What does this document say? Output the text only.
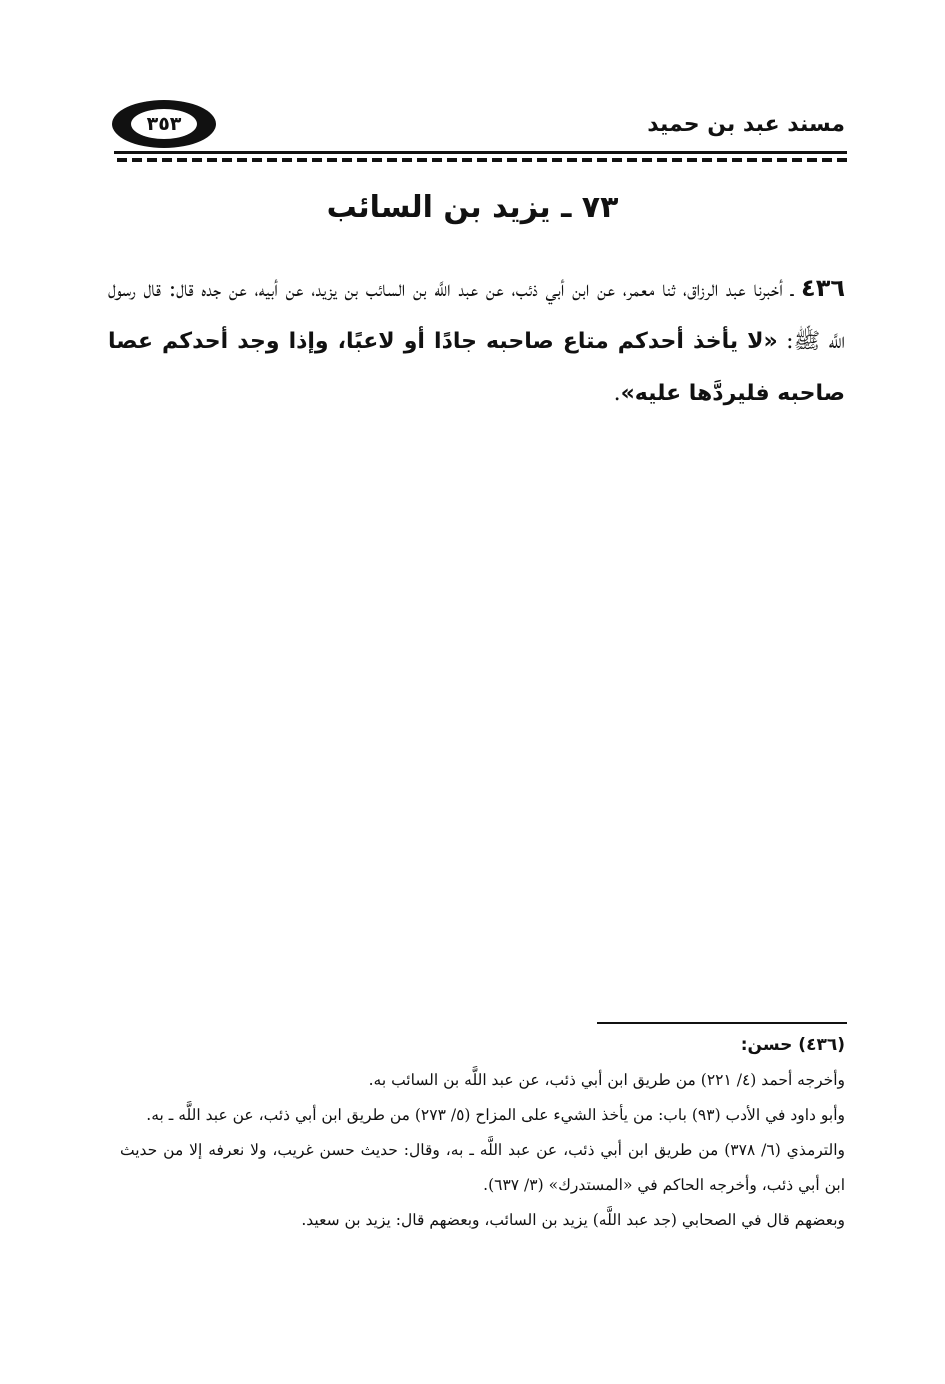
مسند عبد بن حميد
٣٥٣
٧٣ ـ يزيد بن السائب
٤٣٦ ـ أخبرنا عبد الرزاق، ثنا معمر، عن ابن أبي ذئب، عن عبد اللَّه بن السائب بن يزيد، عن أبيه، عن جده قال: قال رسول اللَّه ﷺ: «لا يأخذ أحدكم متاع صاحبه جادًا أو لاعبًا، وإذا وجد أحدكم عصا صاحبه فليردَّها عليه».
(٤٣٦) حسن:
وأخرجه أحمد (٤/ ٢٢١) من طريق ابن أبي ذئب، عن عبد اللَّه بن السائب به.
وأبو داود في الأدب (٩٣) باب: من يأخذ الشيء على المزاح (٥/ ٢٧٣) من طريق ابن أبي ذئب، عن عبد اللَّه ـ به.
والترمذي (٦/ ٣٧٨) من طريق ابن أبي ذئب، عن عبد اللَّه ـ به، وقال: حديث حسن غريب، ولا نعرفه إلا من حديث ابن أبي ذئب، وأخرجه الحاكم في «المستدرك» (٣/ ٦٣٧).
وبعضهم قال في الصحابي (جد عبد اللَّه) يزيد بن السائب، وبعضهم قال: يزيد بن سعيد.
